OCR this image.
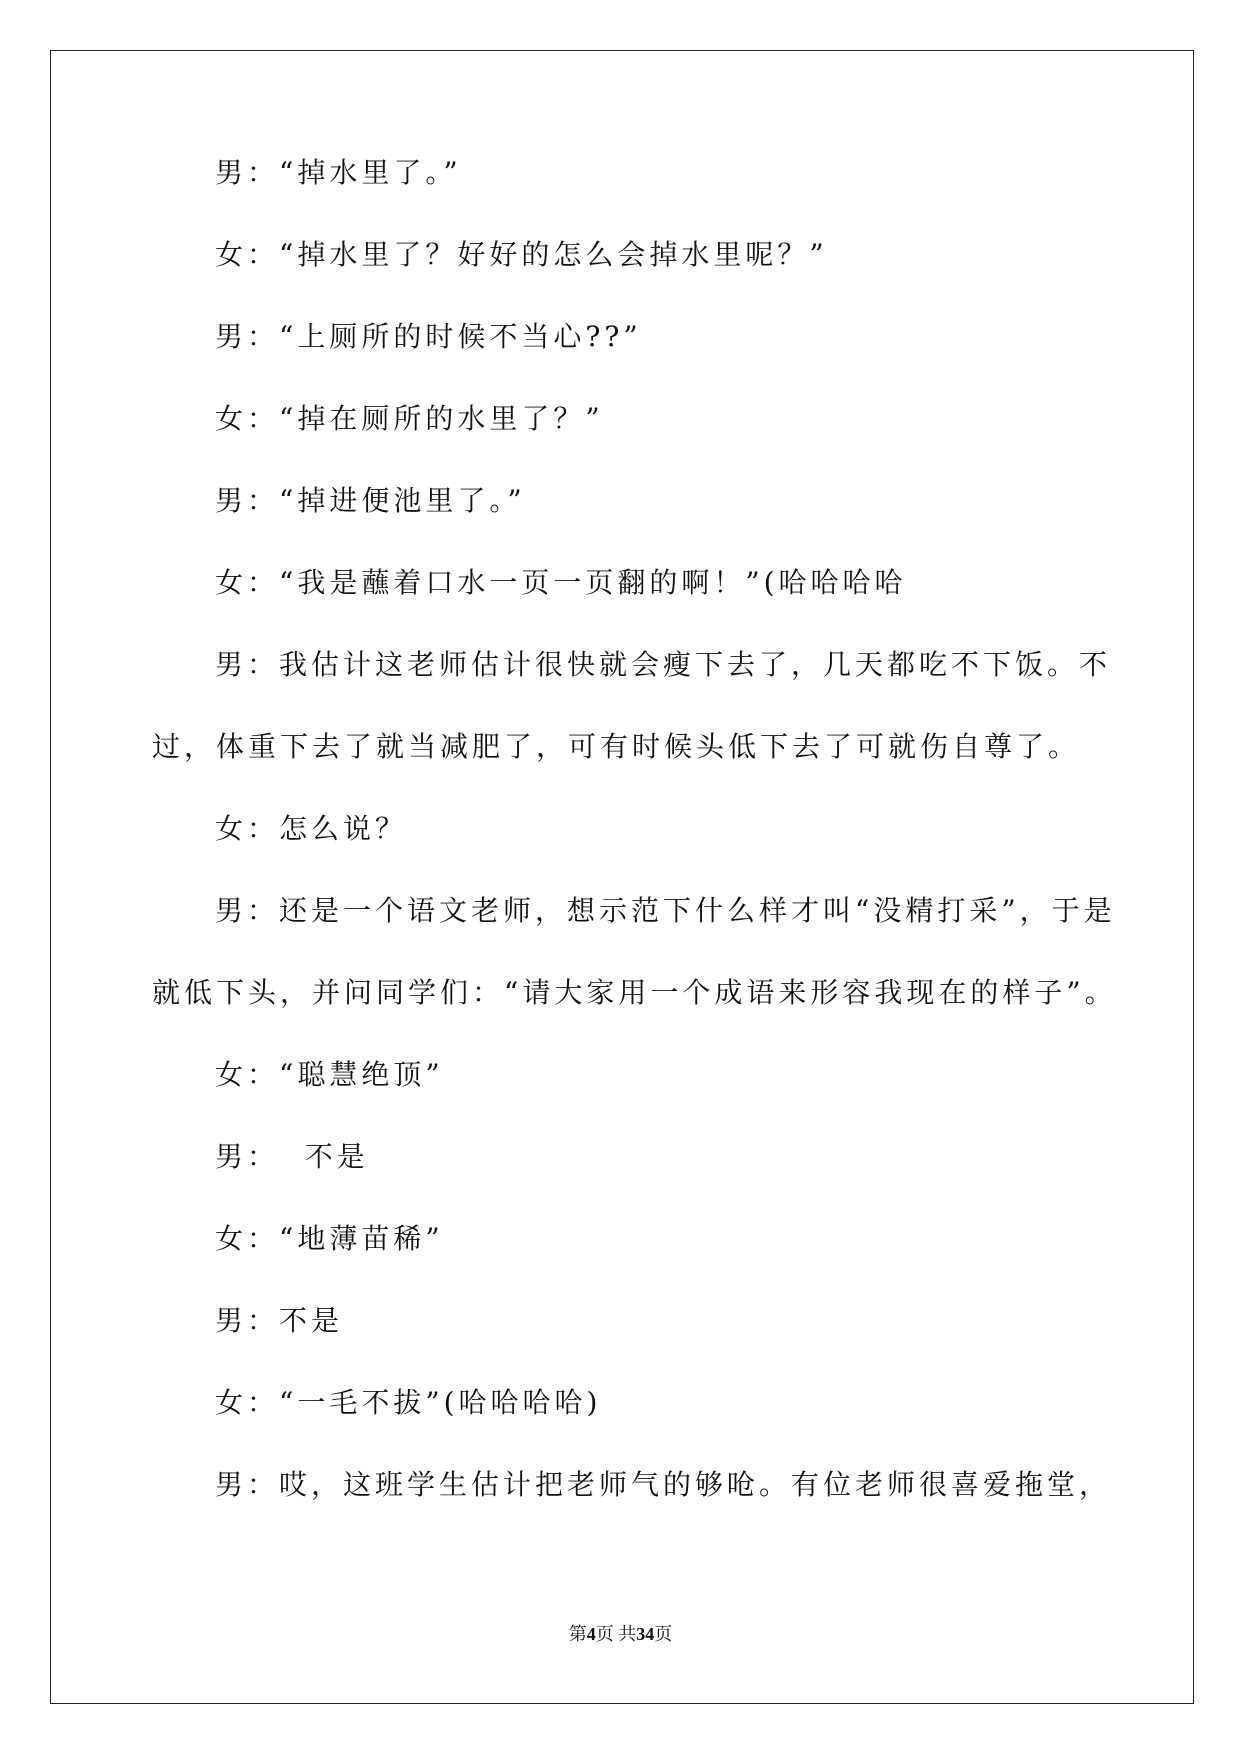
男：“掉水里了。”
女：“掉水里了？好好的怎么会掉水里呢？”
男：“上厕所的时候不当心??”
女：“掉在厕所的水里了？”
男：“掉进便池里了。”
女：“我是蘸着口水一页一页翻的啊！”(哈哈哈哈
男：我估计这老师估计很快就会瘦下去了，几天都吃不下饭。不
过，体重下去了就当减肥了，可有时候头低下去了可就伤自尊了。
女：怎么说？
男：还是一个语文老师，想示范下什么样才叫“没精打采”，于是
就低下头，并问同学们：“请大家用一个成语来形容我现在的样子”。
女：“聪慧绝顶”
男：  不是
女：“地薄苗稀”
男：不是
女：“一毛不拔”(哈哈哈哈)
男：哎，这班学生估计把老师气的够呛。有位老师很喜爱拖堂，
第4页 共34页
